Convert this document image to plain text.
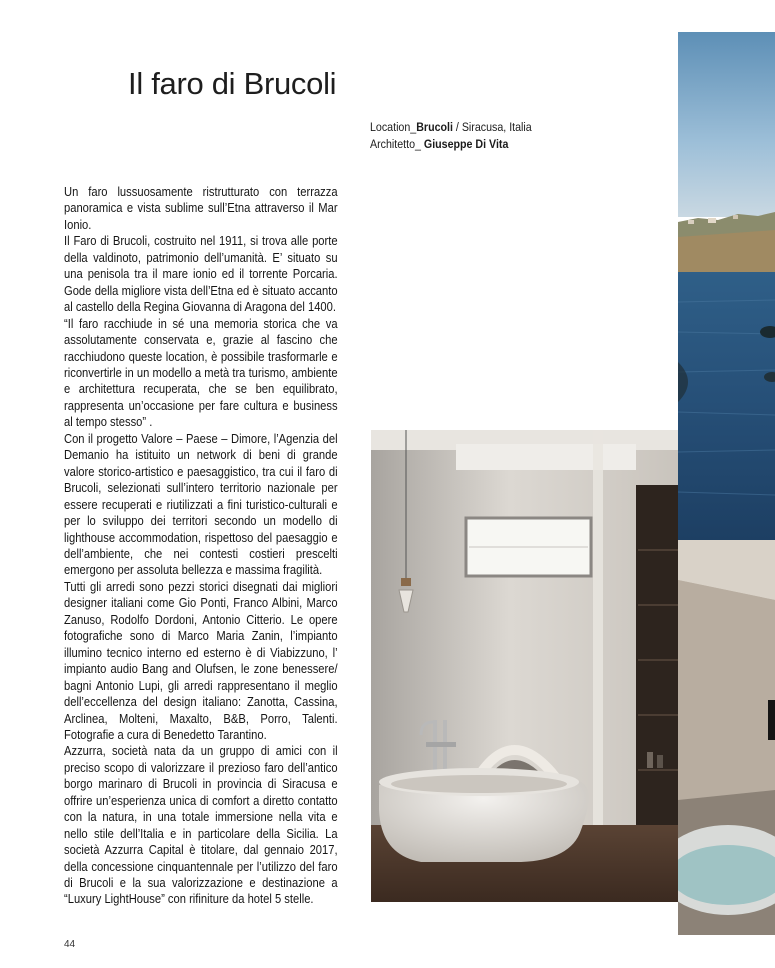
Il faro di Brucoli
Location_Brucoli / Siracusa, Italia
Architetto_ Giuseppe Di Vita

Un faro lussuosamente ristrutturato con terrazza panoramica e vista sublime sull’Etna attraverso il Mar Ionio.

Il Faro di Brucoli, costruito nel 1911, si trova alle porte della valdinoto, patrimonio dell’umanità. E’ situato su una penisola tra il mare ionio ed il torrente Porcaria. Gode della migliore vista dell’Etna ed è situato accanto al castello della Regina Giovanna di Aragona del 1400.

“Il faro racchiude in sé una memoria storica che va assolutamente conservata e, grazie al fascino che racchiudono queste location, è possibile trasformarle e riconvertirle in un modello a metà tra turismo, ambiente e architettura recuperata, che se ben equilibrato, rappresenta un’occasione per fare cultura e business al tempo stesso” .

Con il progetto Valore – Paese – Dimore, l’Agenzia del Demanio ha istituito un network di beni di grande valore storico-artistico e paesaggistico, tra cui il faro di Brucoli, selezionati sull’intero territorio nazionale per essere recuperati e riutilizzati a fini turistico-culturali e per lo sviluppo dei territori secondo un modello di lighthouse accommodation, rispettoso del paesaggio e dell’ambiente, che nei contesti costieri prescelti emergono per assoluta bellezza e massima fragilità.

Tutti gli arredi sono pezzi storici disegnati dai migliori designer italiani come Gio Ponti, Franco Albini, Marco Zanuso, Rodolfo Dordoni, Antonio Citterio. Le opere fotografiche sono di Marco Maria Zanin, l’impianto illumino tecnico interno ed esterno è di Viabizzuno, l’ impianto audio Bang and Olufsen, le zone benessere/ bagni Antonio Lupi, gli arredi rappresentano il meglio dell’eccellenza del design italiano: Zanotta, Cassina, Arclinea, Molteni, Maxalto, B&B, Porro, Talenti. Fotografie a cura di Benedetto Tarantino.

Azzurra, società nata da un gruppo di amici con il preciso scopo di valorizzare il prezioso faro dell’antico borgo marinaro di Brucoli in provincia di Siracusa e offrire un’esperienza unica di comfort a diretto contatto con la natura, in una totale immersione nella vita e nello stile dell’Italia e in particolare della Sicilia. La società Azzurra Capital è titolare, dal gennaio 2017, della concessione cinquantennale per l’utilizzo del faro di Brucoli e la sua valorizzazione e destinazione a “Luxury LightHouse” con rifiniture da hotel 5 stelle.

44
